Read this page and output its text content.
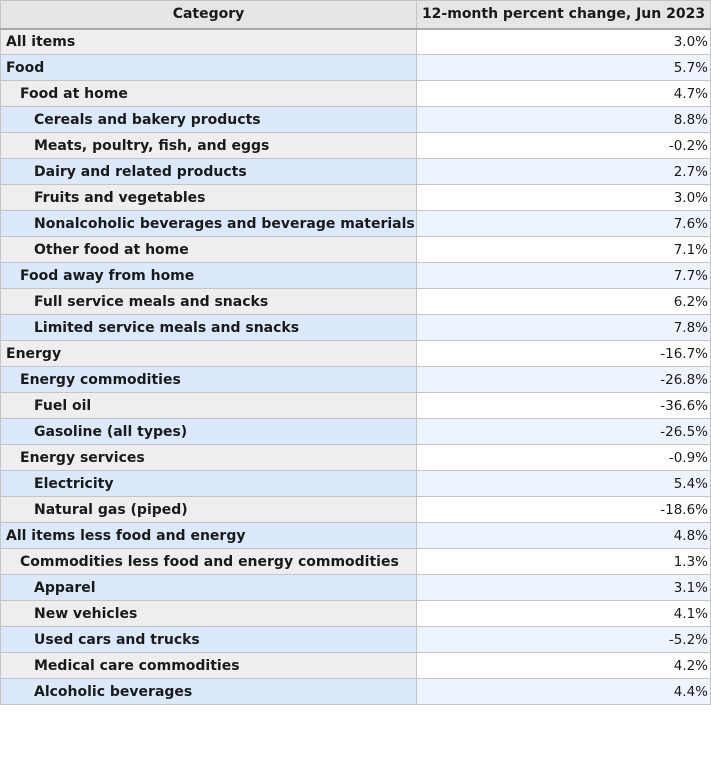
Category	12-month percent change, Jun 2023
All items	3.0%
Food	5.7%
Food at home	4.7%
Cereals and bakery products	8.8%
Meats, poultry, fish, and eggs	-0.2%
Dairy and related products	2.7%
Fruits and vegetables	3.0%
Nonalcoholic beverages and beverage materials	7.6%
Other food at home	7.1%
Food away from home	7.7%
Full service meals and snacks	6.2%
Limited service meals and snacks	7.8%
Energy	-16.7%
Energy commodities	-26.8%
Fuel oil	-36.6%
Gasoline (all types)	-26.5%
Energy services	-0.9%
Electricity	5.4%
Natural gas (piped)	-18.6%
All items less food and energy	4.8%
Commodities less food and energy commodities	1.3%
Apparel	3.1%
New vehicles	4.1%
Used cars and trucks	-5.2%
Medical care commodities	4.2%
Alcoholic beverages	4.4%
